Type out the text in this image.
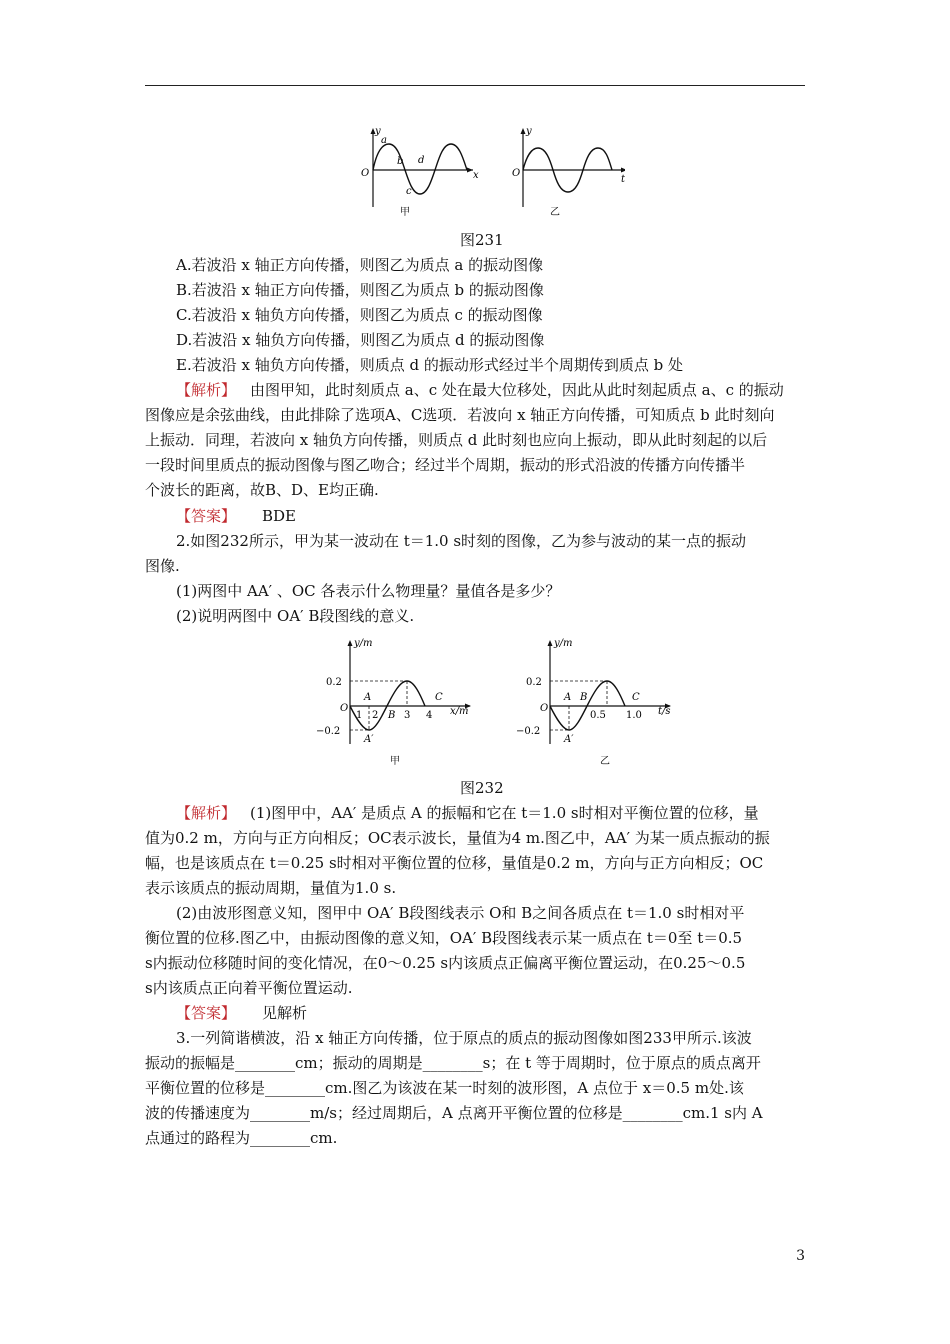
y
x
O
a
b
c
d
甲
y
t
O
乙
图231
A.若波沿 x 轴正方向传播，则图乙为质点 a 的振动图像
B.若波沿 x 轴正方向传播，则图乙为质点 b 的振动图像
C.若波沿 x 轴负方向传播，则图乙为质点 c 的振动图像
D.若波沿 x 轴负方向传播，则图乙为质点 d 的振动图像
E.若波沿 x 轴负方向传播，则质点 d 的振动形式经过半个周期传到质点 b 处
【解析】 由图甲知，此时刻质点 a、c 处在最大位移处，因此从此时刻起质点 a、c 的振动
图像应是余弦曲线，由此排除了选项A、C选项．若波向 x 轴正方向传播，可知质点 b 此时刻向
上振动．同理，若波向 x 轴负方向传播，则质点 d 此时刻也应向上振动，即从此时刻起的以后
一段时间里质点的振动图像与图乙吻合；经过半个周期，振动的形式沿波的传播方向传播半
个波长的距离，故B、D、E均正确.
【答案】 BDE
2.如图232所示，甲为某一波动在 t＝1.0 s时刻的图像，乙为参与波动的某一点的振动
图像.
(1)两图中 AA′ 、OC 各表示什么物理量？量值各是多少？
(2)说明两图中 OA′ B段图线的意义.
y/m
x/m
O
0.2
−0.2
A
A′
1 2 B 3
C
4
甲
y/m
t/s
O
0.2
−0.2
A
A′
B
0.5
C
1.0
乙
图232
【解析】 (1)图甲中，AA′ 是质点 A 的振幅和它在 t＝1.0 s时相对平衡位置的位移，量
值为0.2 m，方向与正方向相反；OC表示波长，量值为4 m.图乙中，AA′ 为某一质点振动的振
幅，也是该质点在 t＝0.25 s时相对平衡位置的位移，量值是0.2 m，方向与正方向相反；OC
表示该质点的振动周期，量值为1.0 s.
(2)由波形图意义知，图甲中 OA′ B段图线表示 O和 B之间各质点在 t＝1.0 s时相对平
衡位置的位移.图乙中，由振动图像的意义知，OA′ B段图线表示某一质点在 t＝0至 t＝0.5
s内振动位移随时间的变化情况，在0～0.25 s内该质点正偏离平衡位置运动，在0.25～0.5
s内该质点正向着平衡位置运动.
【答案】 见解析
3.一列简谐横波，沿 x 轴正方向传播，位于原点的质点的振动图像如图233甲所示.该波
振动的振幅是________cm；振动的周期是________s；在 t 等于周期时，位于原点的质点离开
平衡位置的位移是________cm.图乙为该波在某一时刻的波形图，A 点位于 x＝0.5 m处.该
波的传播速度为________m/s；经过周期后，A 点离开平衡位置的位移是________cm.1 s内 A
点通过的路程为________cm.
3
